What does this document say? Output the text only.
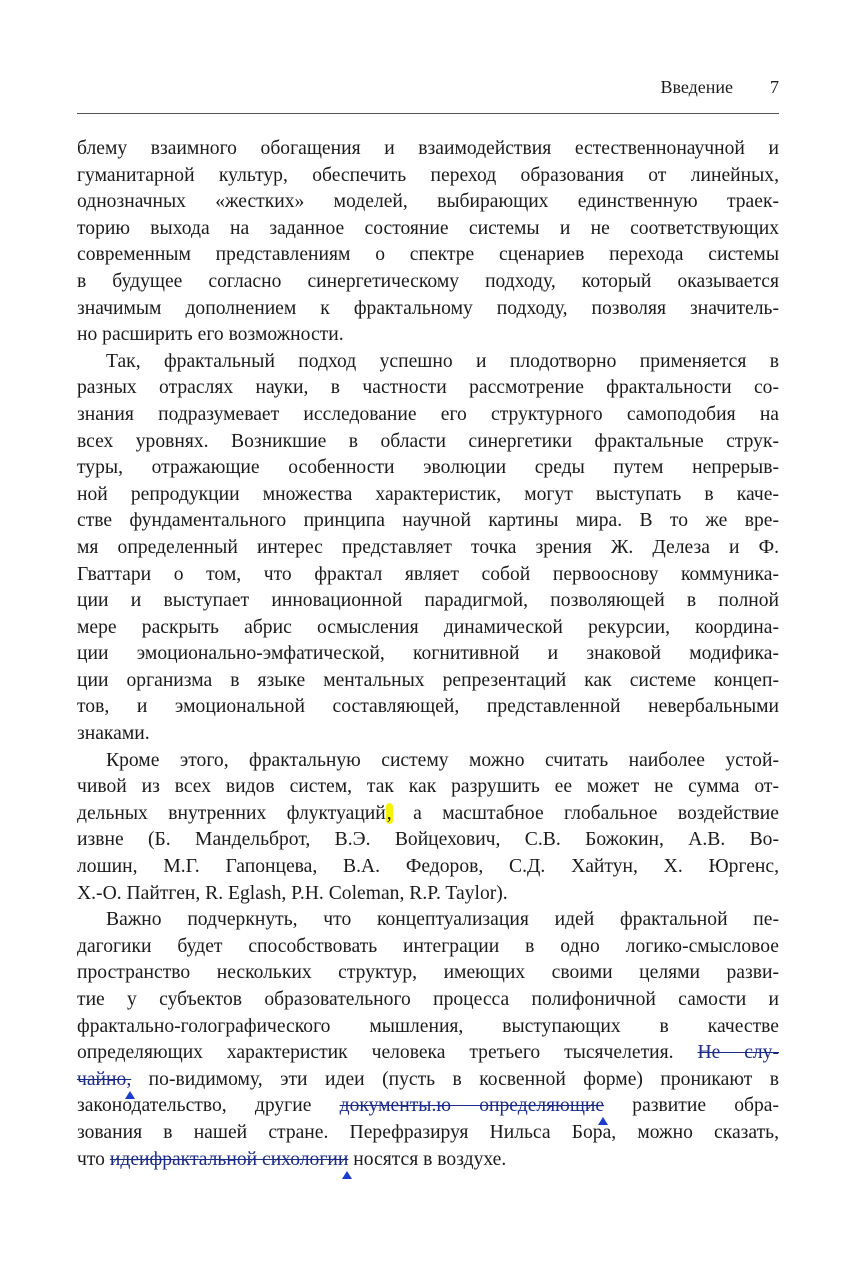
Введение 7
блему взаимного обогащения и взаимодействия естественнонаучной и
гуманитарной культур, обеспечить переход образования от линейных,
однозначных «жестких» моделей, выбирающих единственную траек-
торию выхода на заданное состояние системы и не соответствующих
современным представлениям о спектре сценариев перехода системы
в будущее согласно синергетическому подходу, который оказывается
значимым дополнением к фрактальному подходу, позволяя значитель-
но расширить его возможности.
Так, фрактальный подход успешно и плодотворно применяется в
разных отраслях науки, в частности рассмотрение фрактальности со-
знания подразумевает исследование его структурного самоподобия на
всех уровнях. Возникшие в области синергетики фрактальные струк-
туры, отражающие особенности эволюции среды путем непрерыв-
ной репродукции множества характеристик, могут выступать в каче-
стве фундаментального принципа научной картины мира. В то же вре-
мя определенный интерес представляет точка зрения Ж. Делеза и Ф.
Гваттари о том, что фрактал являет собой первооснову коммуника-
ции и выступает инновационной парадигмой, позволяющей в полной
мере раскрыть абрис осмысления динамической рекурсии, координа-
ции эмоционально-эмфатической, когнитивной и знаковой модифика-
ции организма в языке ментальных репрезентаций как системе концеп-
тов, и эмоциональной составляющей, представленной невербальными
знаками.
Кроме этого, фрактальную систему можно считать наиболее устой-
чивой из всех видов систем, так как разрушить ее может не сумма от-
дельных внутренних флуктуаций, а масштабное глобальное воздействие
извне (Б. Мандельброт, В.Э. Войцехович, С.В. Божокин, А.В. Во-
лошин, М.Г. Гапонцева, В.А. Федоров, С.Д. Хайтун, Х. Юргенс,
Х.-О. Пайтген, R. Eglash, P.H. Coleman, R.P. Taylor).
Важно подчеркнуть, что концептуализация идей фрактальной пе-
дагогики будет способствовать интеграции в одно логико-смысловое
пространство нескольких структур, имеющих своими целями разви-
тие у субъектов образовательного процесса полифоничной самости и
фрактально-голографического мышления, выступающих в качестве
определяющих характеристик человека третьего тысячелетия. Не слу-
чайно, по-видимому, эти идеи (пусть в косвенной форме) проникают в
законодательство, другие документы.ю определяющие развитие обра-
зования в нашей стране. Перефразируя Нильса Бора, можно сказать,
что идеифрактальной сихологии носятся в воздухе.
